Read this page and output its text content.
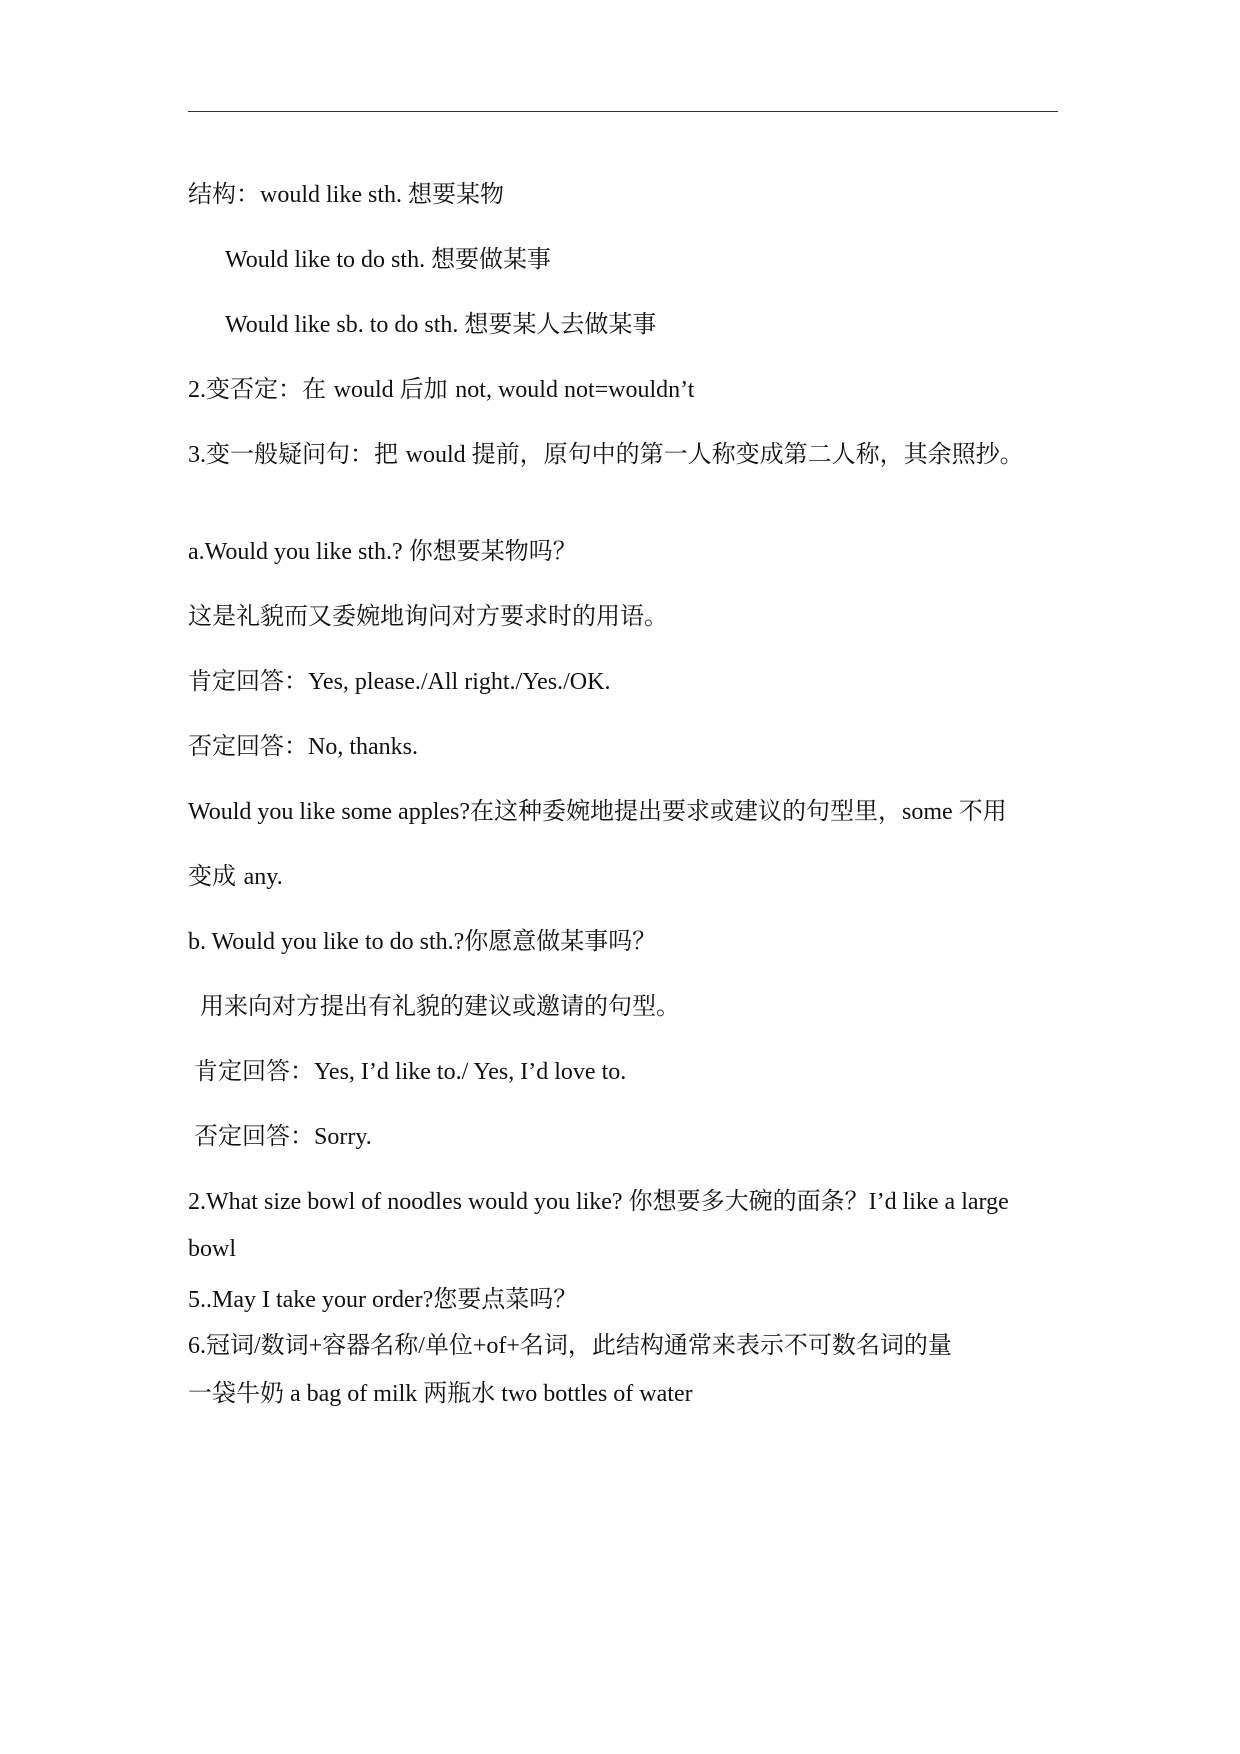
结构：would like sth. 想要某物
Would like to do sth. 想要做某事
Would like sb. to do sth. 想要某人去做某事
2.变否定：在 would 后加 not, would not=wouldn’t
3.变一般疑问句：把 would 提前，原句中的第一人称变成第二人称，其余照抄。
a.Would you like sth.? 你想要某物吗？
这是礼貌而又委婉地询问对方要求时的用语。
肯定回答：Yes, please./All right./Yes./OK.
否定回答：No, thanks.
Would you like some apples?在这种委婉地提出要求或建议的句型里，some 不用
变成 any.
b. Would you like to do sth.?你愿意做某事吗？
用来向对方提出有礼貌的建议或邀请的句型。
肯定回答：Yes, I’d like to./ Yes, I’d love to.
否定回答：Sorry.
2.What size bowl of noodles would you like? 你想要多大碗的面条？I’d like a large
bowl
5..May I take your order?您要点菜吗？
6.冠词/数词+容器名称/单位+of+名词，此结构通常来表示不可数名词的量
一袋牛奶 a bag of milk 两瓶水 two bottles of water
